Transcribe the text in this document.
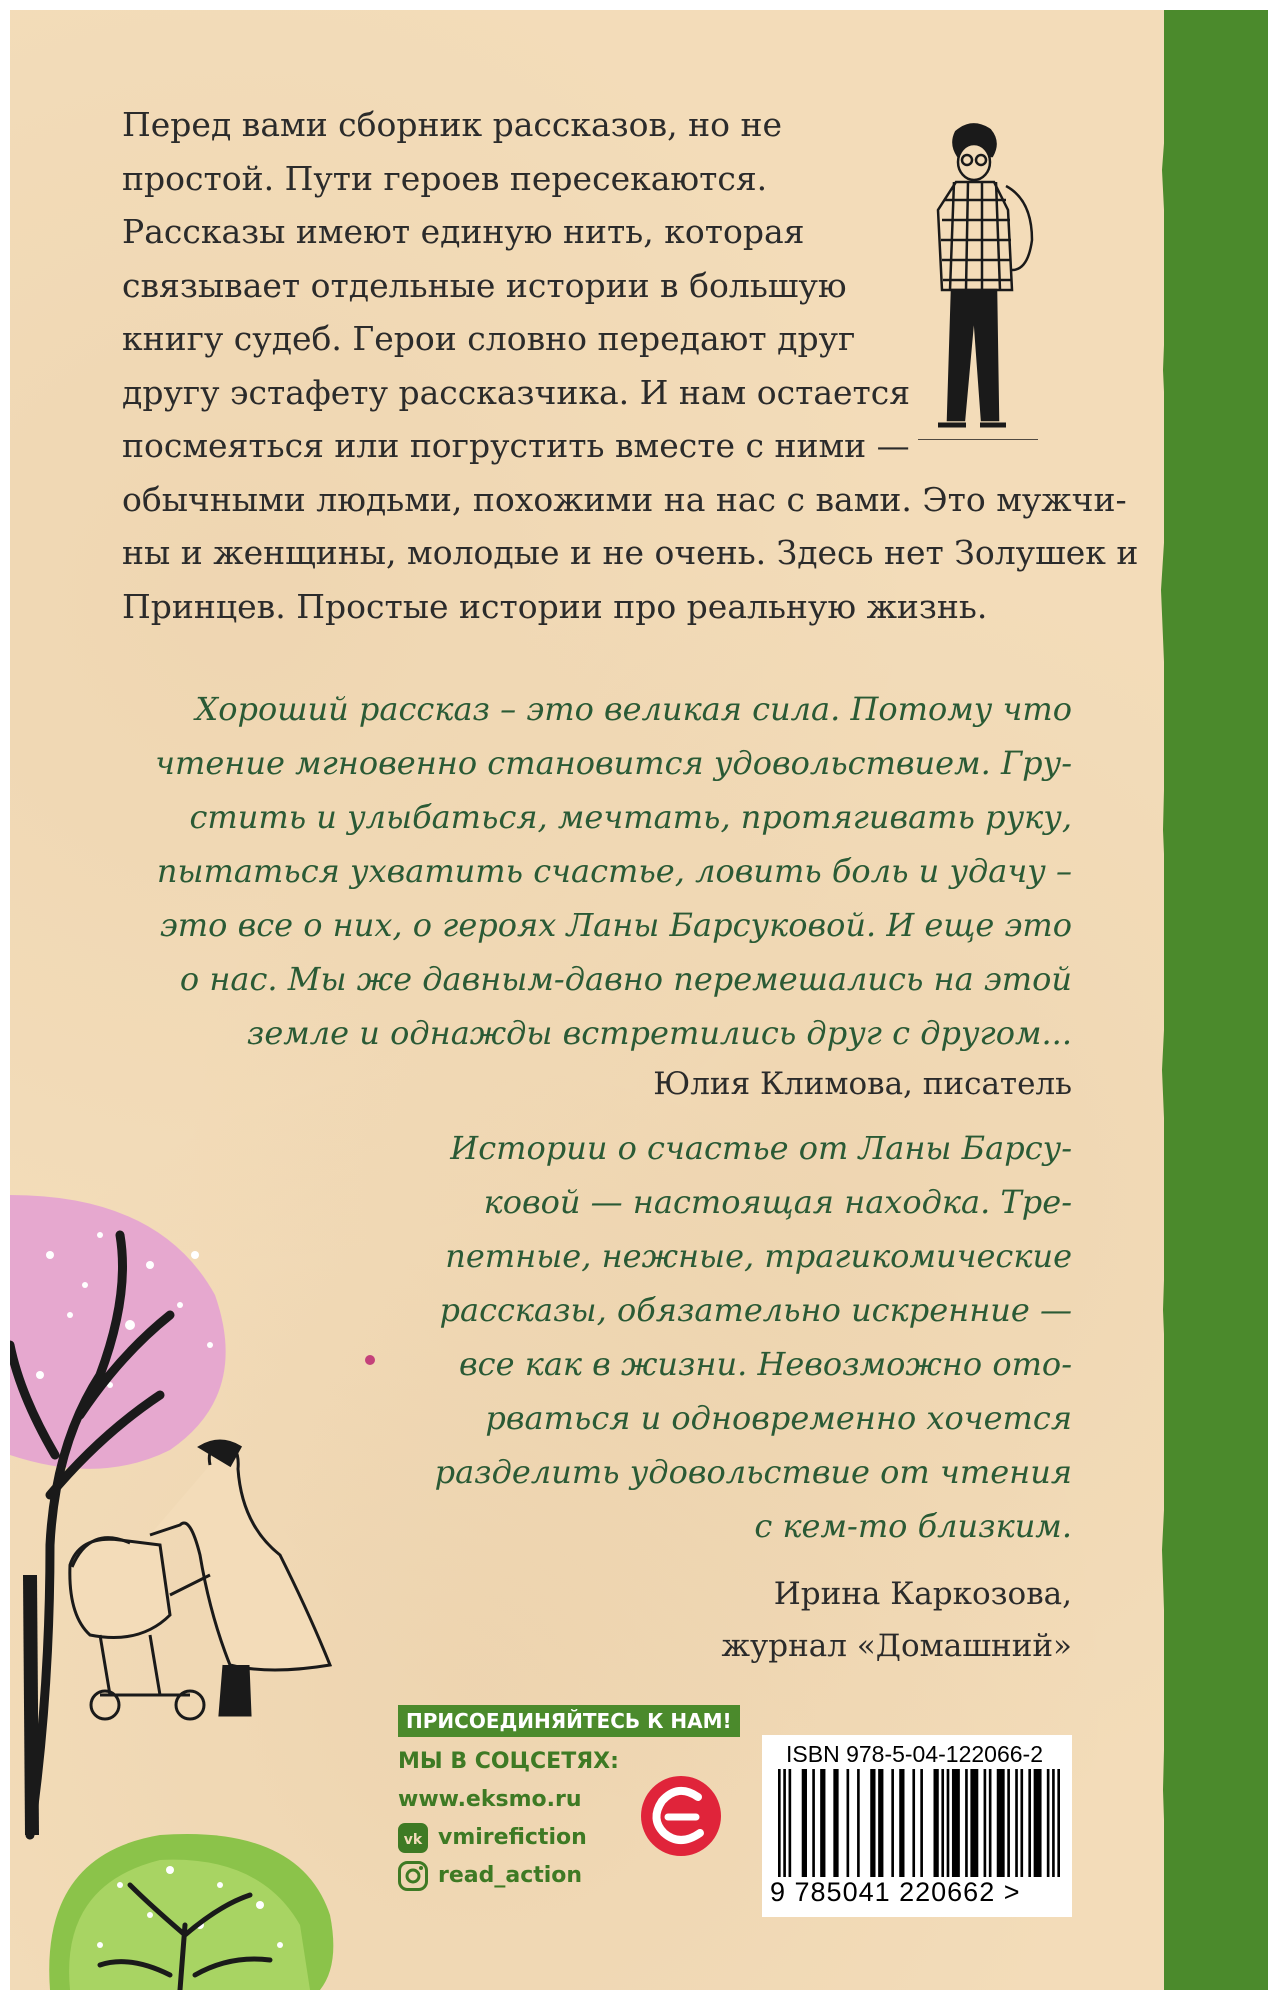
Перед вами сборник рассказов, но не
простой. Пути героев пересекаются.
Рассказы имеют единую нить, которая
связывает отдельные истории в большую
книгу судеб. Герои словно передают друг
другу эстафету рассказчика. И нам остается
посмеяться или погрустить вместе с ними —
обычными людьми, похожими на нас с вами. Это мужчи-
ны и женщины, молодые и не очень. Здесь нет Золушек и
Принцев. Простые истории про реальную жизнь.
Хороший рассказ – это великая сила. Потому что
чтение мгновенно становится удовольствием. Гру-
стить и улыбаться, мечтать, протягивать руку,
пытаться ухватить счастье, ловить боль и удачу –
это все о них, о героях Ланы Барсуковой. И еще это
о нас. Мы же давным-давно перемешались на этой
земле и однажды встретились друг с другом...
Юлия Климова, писатель
Истории о счастье от Ланы Барсу-
ковой — настоящая находка. Тре-
петные, нежные, трагикомические
рассказы, обязательно искренние —
все как в жизни. Невозможно ото-
рваться и одновременно хочется
разделить удовольствие от чтения
с кем-то близким.
Ирина Каркозова,
журнал «Домашний»
ПРИСОЕДИНЯЙТЕСЬ К НАМ!
МЫ В СОЦСЕТЯХ:
www.eksmo.ru
vk vmirefiction
read_action
ISBN 978-5-04-122066-2
9 785041 220662 >
